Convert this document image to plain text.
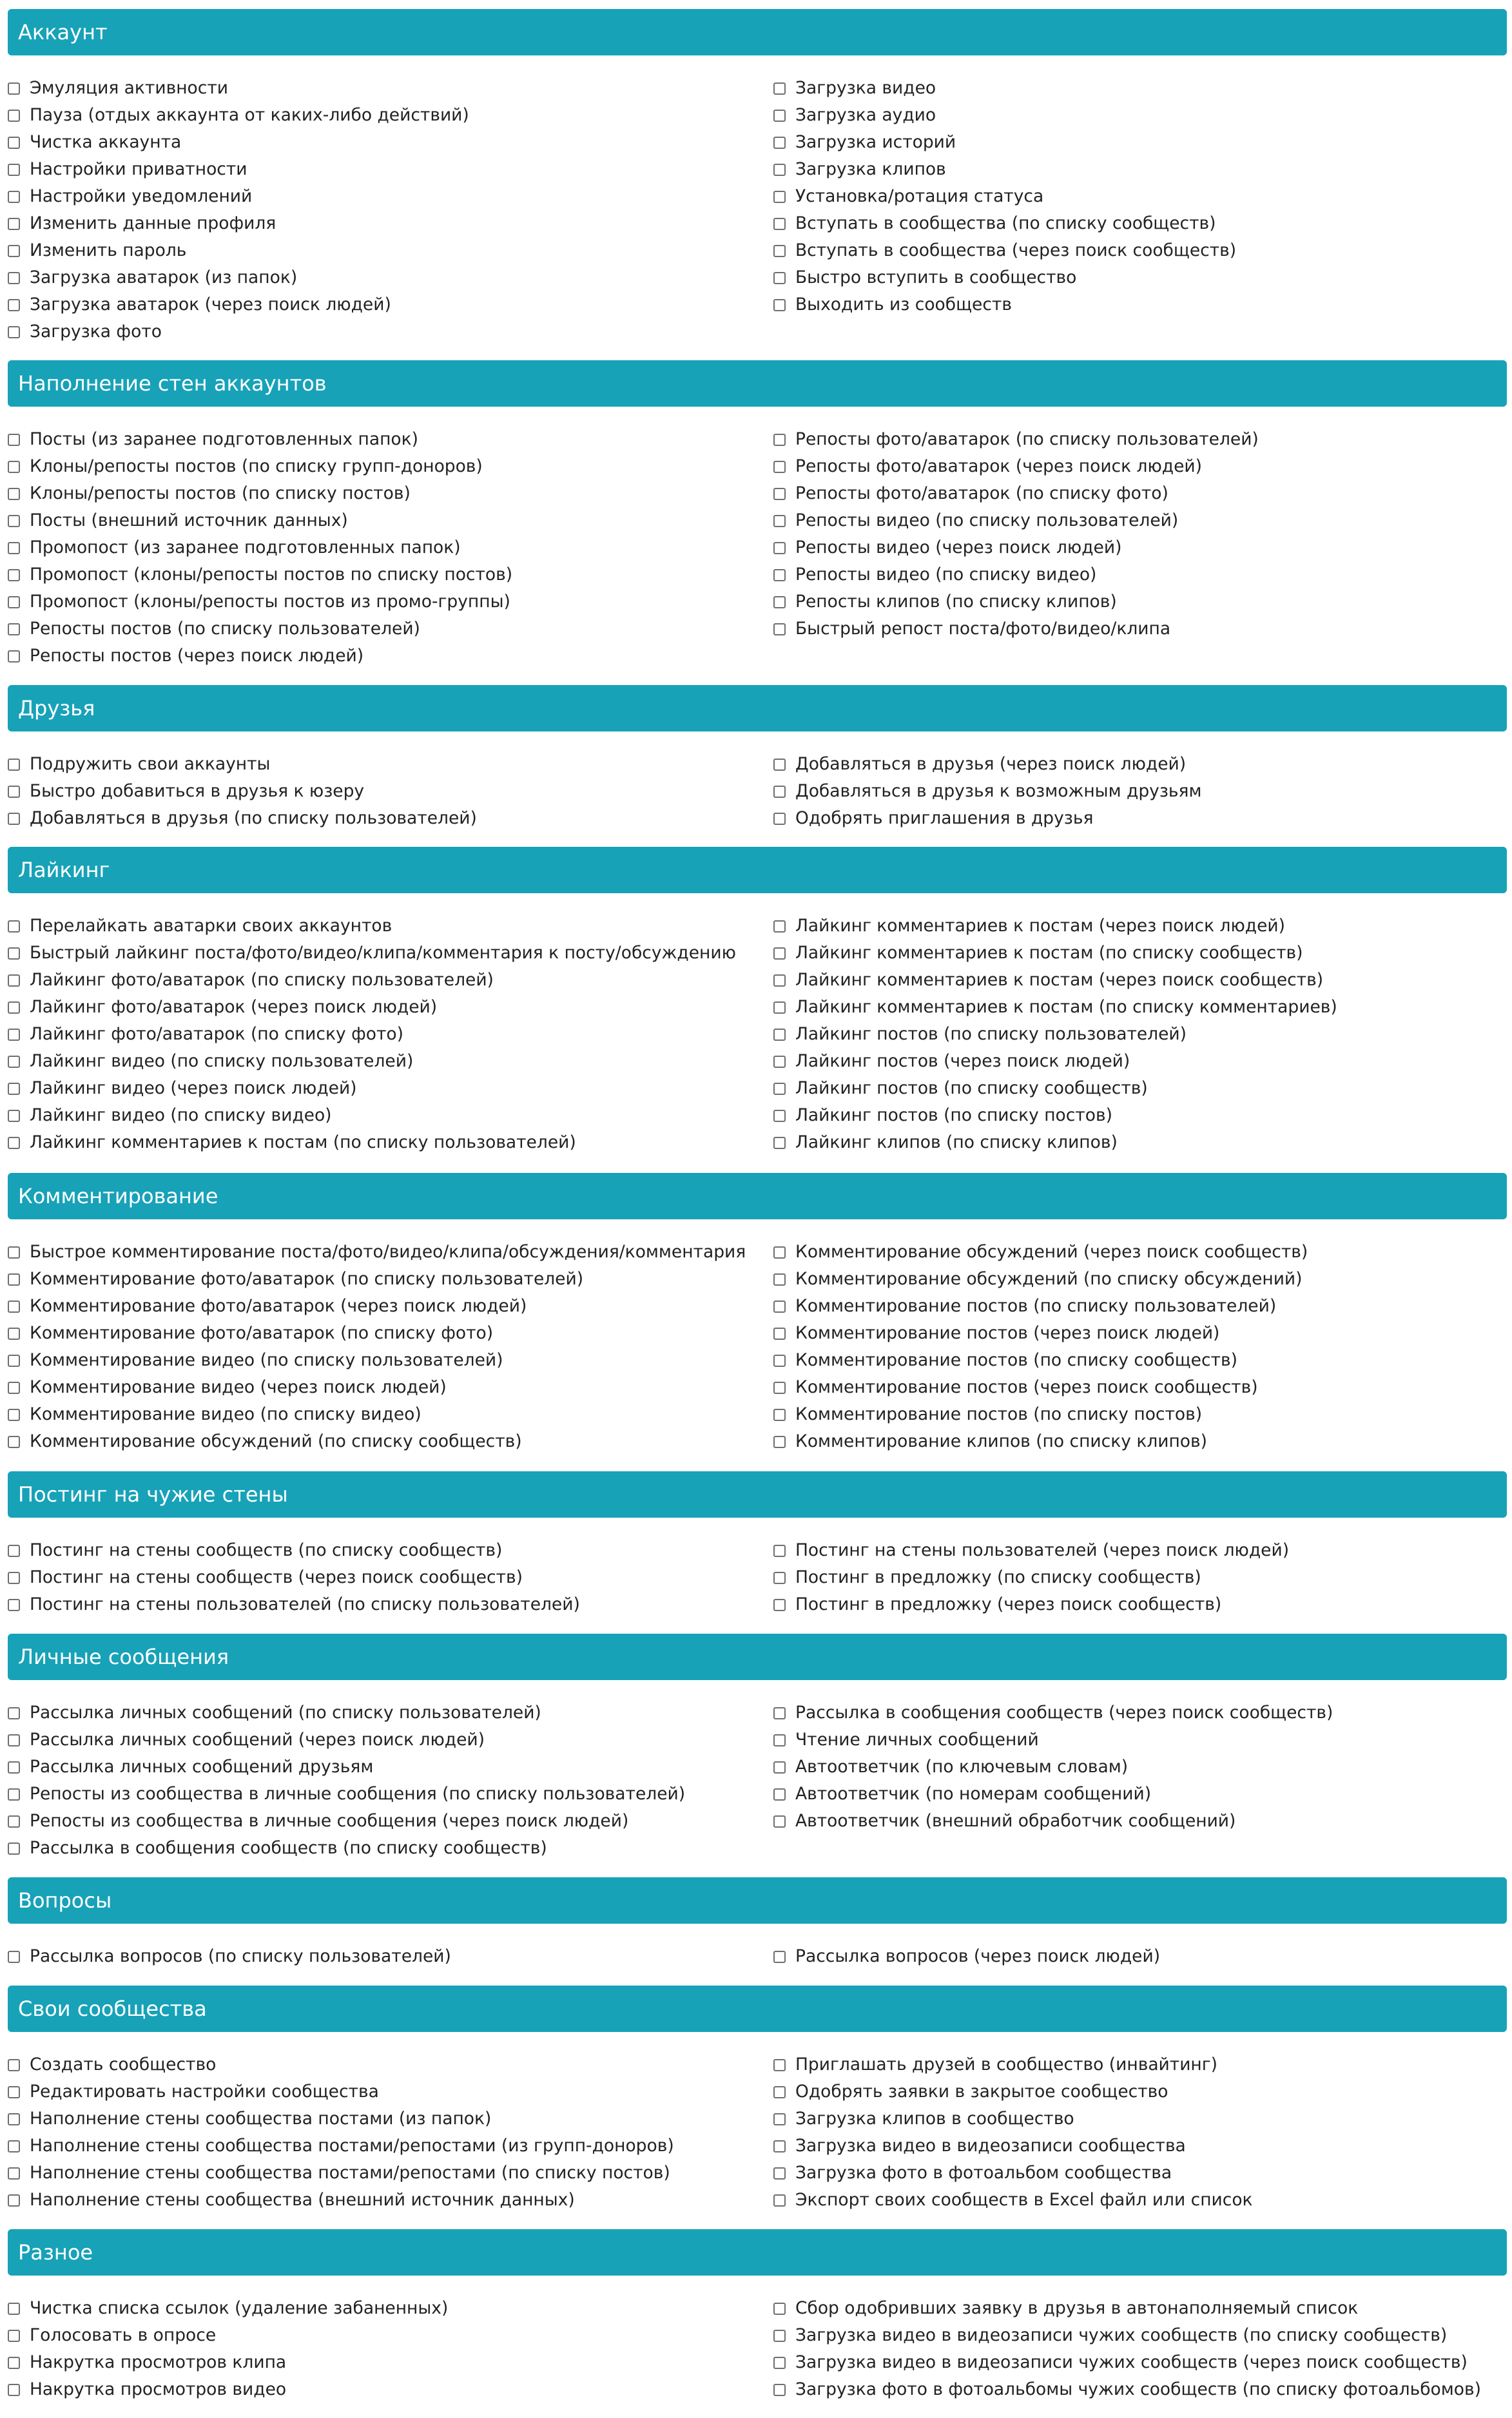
Аккаунт
Эмуляция активности
Пауза (отдых аккаунта от каких-либо действий)
Чистка аккаунта
Настройки приватности
Настройки уведомлений
Изменить данные профиля
Изменить пароль
Загрузка аватарок (из папок)
Загрузка аватарок (через поиск людей)
Загрузка фото
Загрузка видео
Загрузка аудио
Загрузка историй
Загрузка клипов
Установка/ротация статуса
Вступать в сообщества (по списку сообществ)
Вступать в сообщества (через поиск сообществ)
Быстро вступить в сообщество
Выходить из сообществ
Наполнение стен аккаунтов
Посты (из заранее подготовленных папок)
Клоны/репосты постов (по списку групп-доноров)
Клоны/репосты постов (по списку постов)
Посты (внешний источник данных)
Промопост (из заранее подготовленных папок)
Промопост (клоны/репосты постов по списку постов)
Промопост (клоны/репосты постов из промо-группы)
Репосты постов (по списку пользователей)
Репосты постов (через поиск людей)
Репосты фото/аватарок (по списку пользователей)
Репосты фото/аватарок (через поиск людей)
Репосты фото/аватарок (по списку фото)
Репосты видео (по списку пользователей)
Репосты видео (через поиск людей)
Репосты видео (по списку видео)
Репосты клипов (по списку клипов)
Быстрый репост поста/фото/видео/клипа
Друзья
Подружить свои аккаунты
Быстро добавиться в друзья к юзеру
Добавляться в друзья (по списку пользователей)
Добавляться в друзья (через поиск людей)
Добавляться в друзья к возможным друзьям
Одобрять приглашения в друзья
Лайкинг
Перелайкать аватарки своих аккаунтов
Быстрый лайкинг поста/фото/видео/клипа/комментария к посту/обсуждению
Лайкинг фото/аватарок (по списку пользователей)
Лайкинг фото/аватарок (через поиск людей)
Лайкинг фото/аватарок (по списку фото)
Лайкинг видео (по списку пользователей)
Лайкинг видео (через поиск людей)
Лайкинг видео (по списку видео)
Лайкинг комментариев к постам (по списку пользователей)
Лайкинг комментариев к постам (через поиск людей)
Лайкинг комментариев к постам (по списку сообществ)
Лайкинг комментариев к постам (через поиск сообществ)
Лайкинг комментариев к постам (по списку комментариев)
Лайкинг постов (по списку пользователей)
Лайкинг постов (через поиск людей)
Лайкинг постов (по списку сообществ)
Лайкинг постов (по списку постов)
Лайкинг клипов (по списку клипов)
Комментирование
Быстрое комментирование поста/фото/видео/клипа/обсуждения/комментария
Комментирование фото/аватарок (по списку пользователей)
Комментирование фото/аватарок (через поиск людей)
Комментирование фото/аватарок (по списку фото)
Комментирование видео (по списку пользователей)
Комментирование видео (через поиск людей)
Комментирование видео (по списку видео)
Комментирование обсуждений (по списку сообществ)
Комментирование обсуждений (через поиск сообществ)
Комментирование обсуждений (по списку обсуждений)
Комментирование постов (по списку пользователей)
Комментирование постов (через поиск людей)
Комментирование постов (по списку сообществ)
Комментирование постов (через поиск сообществ)
Комментирование постов (по списку постов)
Комментирование клипов (по списку клипов)
Постинг на чужие стены
Постинг на стены сообществ (по списку сообществ)
Постинг на стены сообществ (через поиск сообществ)
Постинг на стены пользователей (по списку пользователей)
Постинг на стены пользователей (через поиск людей)
Постинг в предложку (по списку сообществ)
Постинг в предложку (через поиск сообществ)
Личные сообщения
Рассылка личных сообщений (по списку пользователей)
Рассылка личных сообщений (через поиск людей)
Рассылка личных сообщений друзьям
Репосты из сообщества в личные сообщения (по списку пользователей)
Репосты из сообщества в личные сообщения (через поиск людей)
Рассылка в сообщения сообществ (по списку сообществ)
Рассылка в сообщения сообществ (через поиск сообществ)
Чтение личных сообщений
Автоответчик (по ключевым словам)
Автоответчик (по номерам сообщений)
Автоответчик (внешний обработчик сообщений)
Вопросы
Рассылка вопросов (по списку пользователей)	Рассылка вопросов (через поиск людей)
Свои сообщества
Создать сообщество
Редактировать настройки сообщества
Наполнение стены сообщества постами (из папок)
Наполнение стены сообщества постами/репостами (из групп-доноров)
Наполнение стены сообщества постами/репостами (по списку постов)
Наполнение стены сообщества (внешний источник данных)
Приглашать друзей в сообщество (инвайтинг)
Одобрять заявки в закрытое сообщество
Загрузка клипов в сообщество
Загрузка видео в видеозаписи сообщества
Загрузка фото в фотоальбом сообщества
Экспорт своих сообществ в Excel файл или список
Разное
Чистка списка ссылок (удаление забаненных)
Голосовать в опросе
Накрутка просмотров клипа
Накрутка просмотров видео
Сбор одобривших заявку в друзья в автонаполняемый список
Загрузка видео в видеозаписи чужих сообществ (по списку сообществ)
Загрузка видео в видеозаписи чужих сообществ (через поиск сообществ)
Загрузка фото в фотоальбомы чужих сообществ (по списку фотоальбомов)
